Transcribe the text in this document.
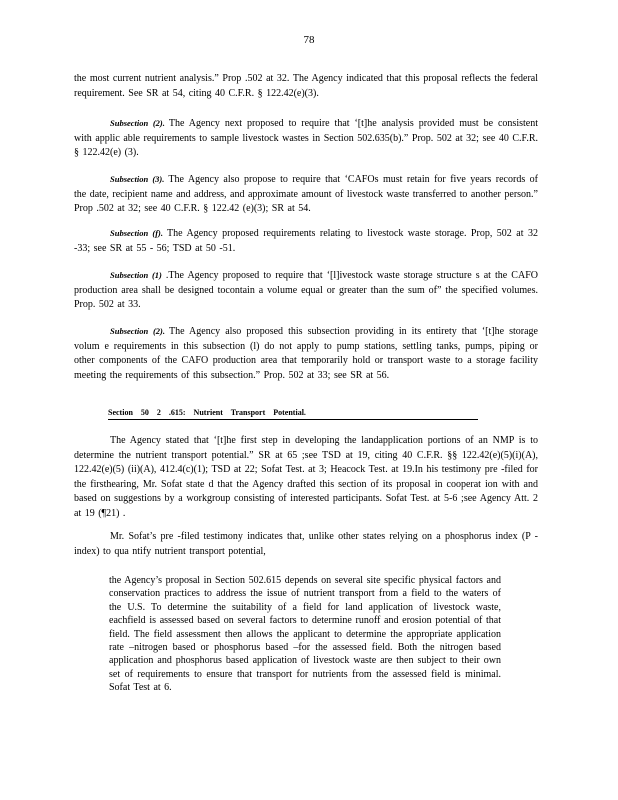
78
the most current nutrient analysis.” Prop .502 at 32. The Agency indicated that this proposal reflects the federal requirement. See SR at 54, citing 40 C.F.R. § 122.42(e)(3).
Subsection (2). The Agency next proposed to require that ‘[t]he analysis provided must be consistent with applic able requirements to sample livestock wastes in Section 502.635(b).” Prop. 502 at 32; see 40 C.F.R. § 122.42(e) (3).
Subsection (3). The Agency also propose to require that ‘CAFOs must retain for five years records of the date, recipient name and address, and approximate amount of livestock waste transferred to another person.” Prop .502 at 32; see 40 C.F.R. § 122.42 (e)(3); SR at 54.
Subsection (f). The Agency proposed requirements relating to livestock waste storage. Prop, 502 at 32 -33; see SR at 55 - 56; TSD at 50 -51.
Subsection (1) .The Agency proposed to require that ‘[l]ivestock waste storage structure s at the CAFO production area shall be designed tocontain a volume equal or greater than the sum of” the specified volumes. Prop. 502 at 33.
Subsection (2). The Agency also proposed this subsection providing in its entirety that ‘[t]he storage volum e requirements in this subsection (l) do not apply to pump stations, settling tanks, pumps, piping or other components of the CAFO production area that temporarily hold or transport waste to a storage facility meeting the requirements of this subsection.” Prop. 502 at 33; see SR at 56.
Section 50 2 .615: Nutrient Transport Potential.
The Agency stated that ‘[t]he first step in developing the landapplication portions of an NMP is to determine the nutrient transport potential.” SR at 65 ;see TSD at 19, citing 40 C.F.R. §§ 122.42(e)(5)(i)(A), 122.42(e)(5) (ii)(A), 412.4(c)(1); TSD at 22; Sofat Test. at 3; Heacock Test. at 19.In his testimony pre -filed for the firsthearing, Mr. Sofat state d that the Agency drafted this section of its proposal in cooperat ion with and based on suggestions by a workgroup consisting of interested participants. Sofat Test. at 5-6 ;see Agency Att. 2 at 19 (¶21) .
Mr. Sofat’s pre -filed testimony indicates that, unlike other states relying on a phosphorus index (P -index) to qua ntify nutrient transport potential,
the Agency’s proposal in Section 502.615 depends on several site specific physical factors and conservation practices to address the issue of nutrient transport from a field to the waters of the U.S. To determine the suitability of a field for land application of livestock waste, eachfield is assessed based on several factors to determine runoff and erosion potential of that field. The field assessment then allows the applicant to determine the appropriate application rate –nitrogen based or phosphorus based –for the assessed field. Both the nitrogen based application and phosphorus based application of livestock waste are then subject to their own set of requirements to ensure that transport for nutrients from the assessed field is minimal. Sofat Test at 6.
